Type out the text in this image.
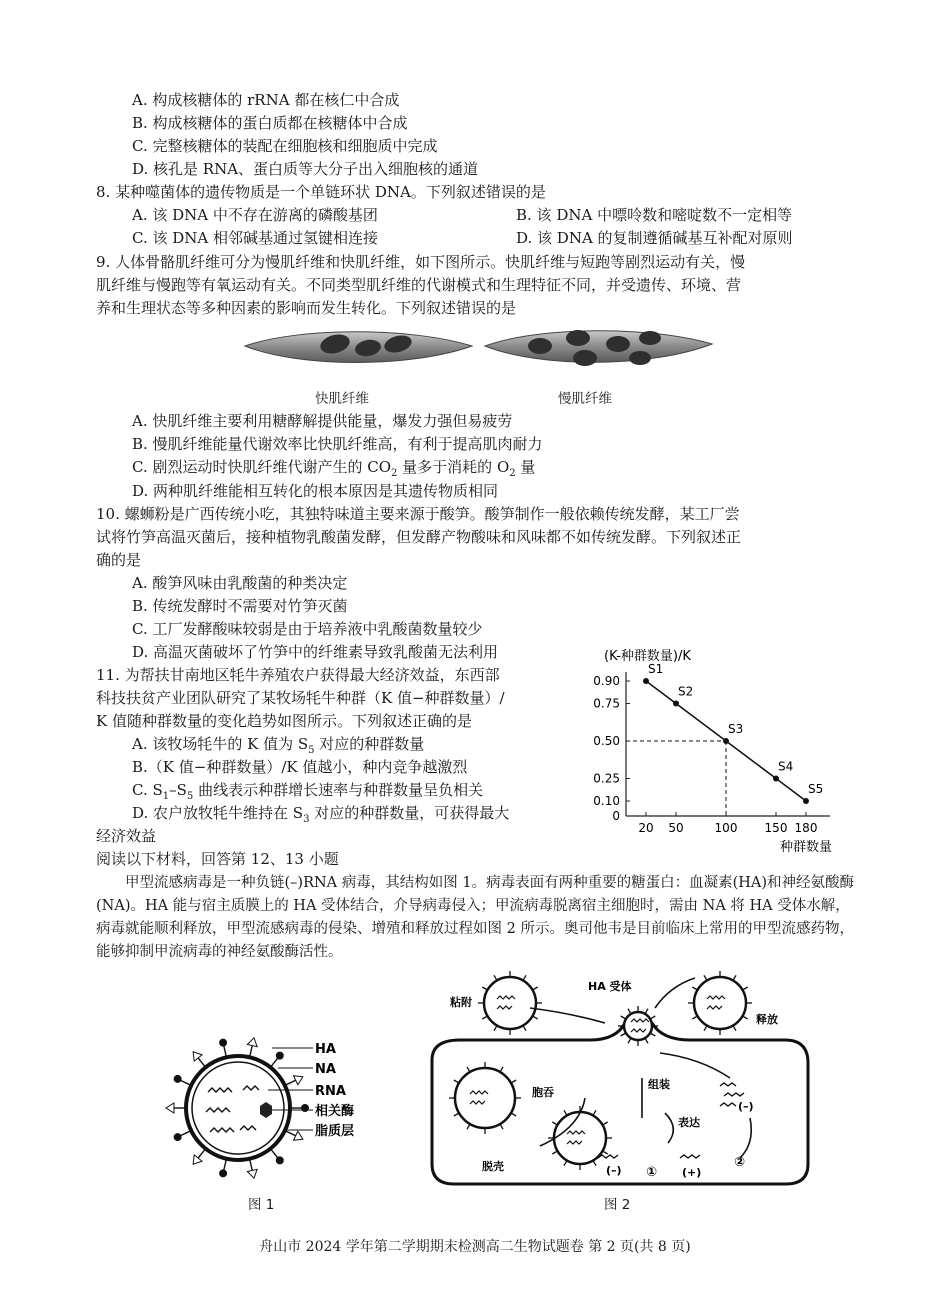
A. 构成核糖体的 rRNA 都在核仁中合成
B. 构成核糖体的蛋白质都在核糖体中合成
C. 完整核糖体的装配在细胞核和细胞质中完成
D. 核孔是 RNA、蛋白质等大分子出入细胞核的通道
8. 某种噬菌体的遗传物质是一个单链环状 DNA。下列叙述错误的是
A. 该 DNA 中不存在游离的磷酸基团	B. 该 DNA 中嘌呤数和嘧啶数不一定相等
C. 该 DNA 相邻碱基通过氢键相连接	D. 该 DNA 的复制遵循碱基互补配对原则
9. 人体骨骼肌纤维可分为慢肌纤维和快肌纤维，如下图所示。快肌纤维与短跑等剧烈运动有关，慢
肌纤维与慢跑等有氧运动有关。不同类型肌纤维的代谢模式和生理特征不同，并受遗传、环境、营
养和生理状态等多种因素的影响而发生转化。下列叙述错误的是
快肌纤维	慢肌纤维
A. 快肌纤维主要利用糖酵解提供能量，爆发力强但易疲劳
B. 慢肌纤维能量代谢效率比快肌纤维高，有利于提高肌肉耐力
C. 剧烈运动时快肌纤维代谢产生的 $CO_2$ 量多于消耗的 $O_2$ 量
D. 两种肌纤维能相互转化的根本原因是其遗传物质相同
10. 螺蛳粉是广西传统小吃，其独特味道主要来源于酸笋。酸笋制作一般依赖传统发酵，某工厂尝
试将竹笋高温灭菌后，接种植物乳酸菌发酵，但发酵产物酸味和风味都不如传统发酵。下列叙述正
确的是
A. 酸笋风味由乳酸菌的种类决定
B. 传统发酵时不需要对竹笋灭菌
C. 工厂发酵酸味较弱是由于培养液中乳酸菌数量较少
D. 高温灭菌破坏了竹笋中的纤维素导致乳酸菌无法利用
11. 为帮扶甘南地区牦牛养殖农户获得最大经济效益，东西部
科技扶贫产业团队研究了某牧场牦牛种群（K 值−种群数量）/
K 值随种群数量的变化趋势如图所示。下列叙述正确的是
A. 该牧场牦牛的 K 值为 $S_5$ 对应的种群数量
B.（K 值−种群数量）/K 值越小，种内竞争越激烈
C. $S_1-S_5$ 曲线表示种群增长速率与种群数量呈负相关
D. 农户放牧牦牛维持在 $S_3$ 对应的种群数量，可获得最大
经济效益
(K-种群数量)/K
0
种群数量
0.90
0.75
0.50
0.25
0.10
20 50	100 150 180
S1
S2
S3
S4
S5
阅读以下材料，回答第 12、13 小题

甲型流感病毒是一种负链(–)RNA 病毒，其结构如图 1。病毒表面有两种重要的糖蛋白：血凝素(HA)和神经氨酸酶(NA)。HA 能与宿主质膜上的 HA 受体结合，介导病毒侵入；甲流病毒脱离宿主细胞时，需由 NA 将 HA 受体水解，病毒就能顺利释放，甲型流感病毒的侵染、增殖和释放过程如图 2 所示。奥司他韦是目前临床上常用的甲型流感药物，能够抑制甲流病毒的神经氨酸酶活性。

HA
NA
RNA
相关酶
脂质层
图 1
粘附
HA 受体
释放
胞吞
组装
表达
脱壳	(–)	(+)
(–)
①
②
图 2
舟山市 2024 学年第二学期期末检测高二生物试题卷 第 2 页(共 8 页)
